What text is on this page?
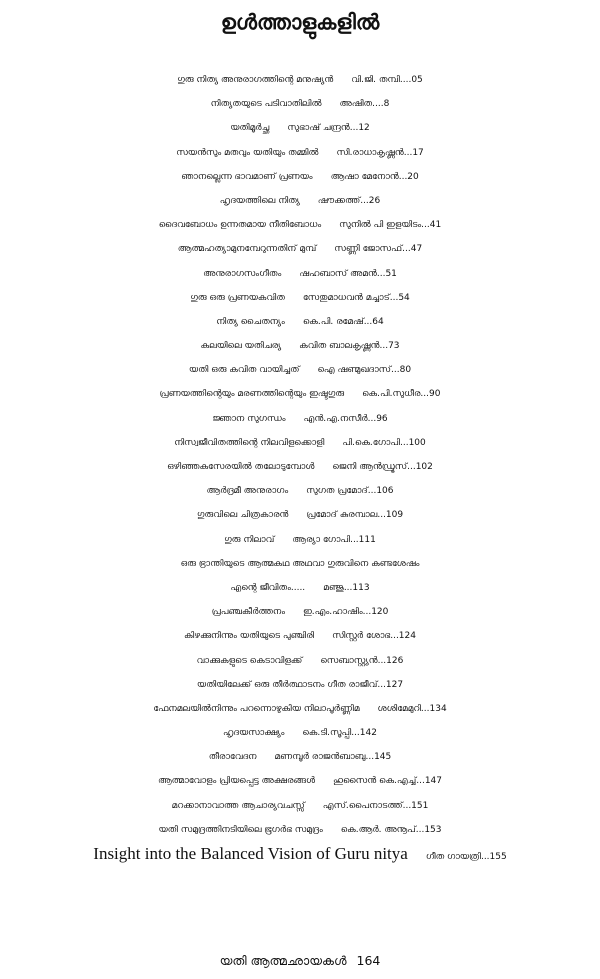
ഉൾത്താളുകളിൽ
ഗുരു നിത്യ അനുരാഗത്തിന്റെ മനുഷ്യൻ വി.ജി. തമ്പി....05
നിത്യതയുടെ പടിവാതിലിൽ അഷിത....8
യതിമൂർച്ഛ സുഭാഷ് ചന്ദ്രൻ...12
സയൻസും മതവും യതിയും തമ്മിൽ സി.രാധാകൃഷ്ണൻ...17
ഞാനല്ലെന്ന ഭാവമാണ് പ്രണയം ആഷാ മേനോൻ...20
ഹൃദയത്തിലെ നിത്യ ഷൗക്കത്ത്...26
ദൈവബോധം ഉന്നതമായ നീതിബോധം സുനിൽ പി ഇളയിടം...41
ആത്മഹത്യാമുനമ്പേറുന്നതിന് മുമ്പ് സണ്ണി ജോസഫ്...47
അനുരാഗസംഗീതം ഷഹബാസ് അമൻ...51
ഗുരു ഒരു പ്രണയകവിത സേതുമാധവൻ മച്ചാട്...54
നിത്യ ചൈതന്യം കെ.പി. രമേഷ്...64
കലയിലെ യതിചര്യ കവിത ബാലകൃഷ്ണൻ...73
യതി ഒരു കവിത വായിച്ചത് ഐ ഷണ്മുഖദാസ്...80
പ്രണയത്തിന്റെയും മരണത്തിന്റെയും ഇഷ്ടഗുരു കെ.പി.സുധീര...90
ജ്ഞാന സുഗന്ധം എൻ.എ.നസീർ...96
നിസ്വജീവിതത്തിന്റെ നിലവിളക്കൊളി പി.കെ.ഗോപി...100
ഒഴിഞ്ഞകസേരയിൽ തലോടുമ്പോൾ ജെനി ആൻഡ്രൂസ്...102
ആർദ്രമീ അനുരാഗം സുഗത പ്രമോദ്...106
ഗുരുവിലെ ചിത്രകാരൻ പ്രമോദ് കുരമ്പാല...109
ഗുരു നിലാവ് ആര്യാ ഗോപി...111
ഒരു ഭ്രാന്തിയുടെ ആത്മകഥ അഥവാ ഗുരുവിനെ കണ്ടശേഷം
എന്റെ ജീവിതം..... മഞ്ജു...113
പ്രപഞ്ചകീർത്തനം ഇ.എം.ഹാഷിം...120
കിഴക്കുനിന്നും യതിയുടെ പുഞ്ചിരി സിസ്റ്റർ ശോഭ...124
വാക്കുകളുടെ കെടാവിളക്ക് സെബാസ്റ്റ്യൻ...126
യതിയിലേക്ക് ഒരു തീർത്ഥാടനം ഗീത രാജീവ്...127
ഫേനമലയിൽനിന്നും പറന്നൊഴുകിയ നിലാപൂർണ്ണിമ ശശിമേമുറി...134
ഹൃദയസാക്ഷ്യം കെ.ടി.സൂപ്പി...142
തീരാവേദന മണമ്പൂർ രാജൻബാബു...145
ആത്മാവോളം പ്രിയപ്പെട്ട അക്ഷരങ്ങൾ ഹുസൈൻ കെ.എച്ച്...147
മറക്കാനാവാത്ത ആചാര്യവചസ്സ് എസ്.പൈനാടത്ത്...151
യതി സമുദ്രത്തിനടിയിലെ ഭൂഗർഭ സമുദ്രം കെ.ആർ. അനൂപ്...153
Insight into the Balanced Vision of Guru nitya ഗീത ഗായത്രി...155
യതി ആത്മഛായകൾ 164
